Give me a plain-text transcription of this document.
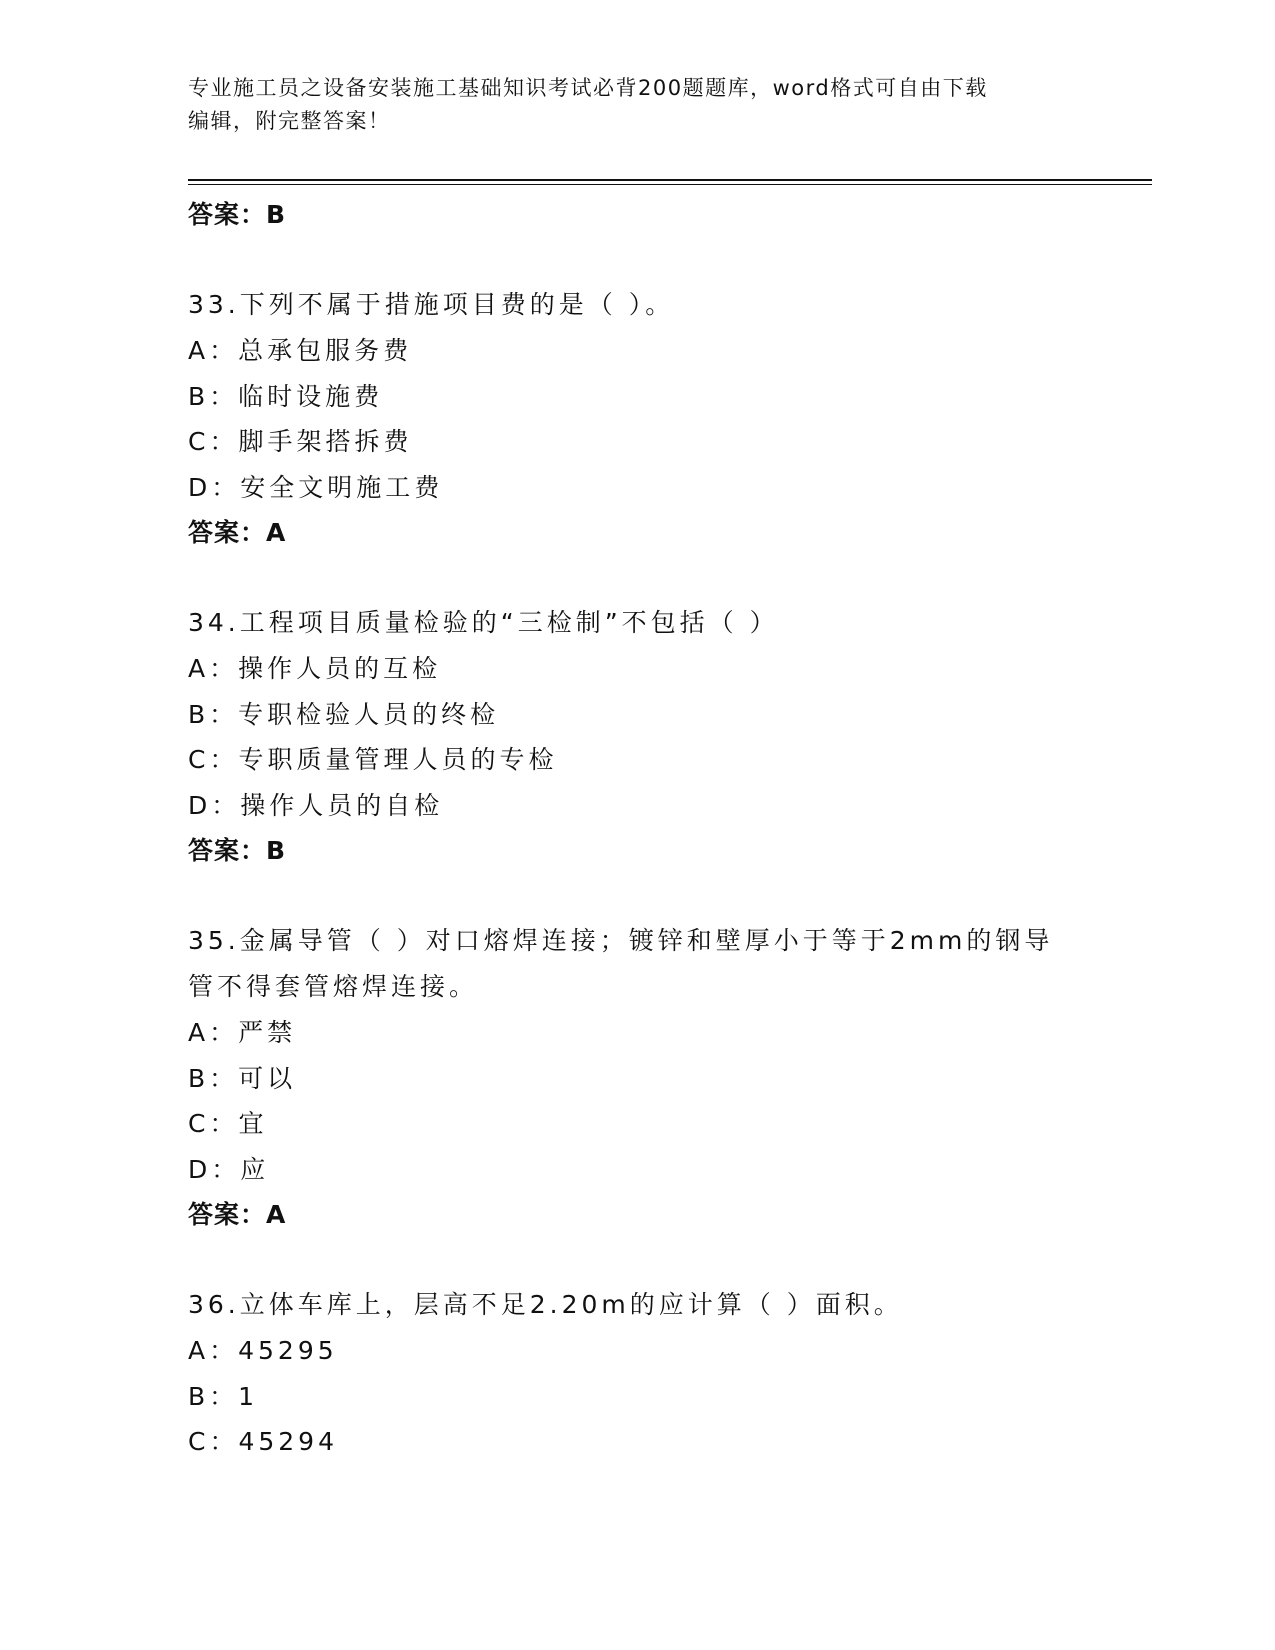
专业施工员之设备安装施工基础知识考试必背200题题库，word格式可自由下载
编辑，附完整答案！
答案：B
33.下列不属于措施项目费的是（ ）。
A：总承包服务费
B：临时设施费
C：脚手架搭拆费
D：安全文明施工费
答案：A
34.工程项目质量检验的“三检制”不包括（ ）
A：操作人员的互检
B：专职检验人员的终检
C：专职质量管理人员的专检
D：操作人员的自检
答案：B
35.金属导管（ ）对口熔焊连接；镀锌和壁厚小于等于2mm的钢导管不得套管熔焊连接。
A：严禁
B：可以
C：宜
D：应
答案：A
36.立体车库上，层高不足2.20m的应计算（ ）面积。
A：45295
B：1
C：45294
